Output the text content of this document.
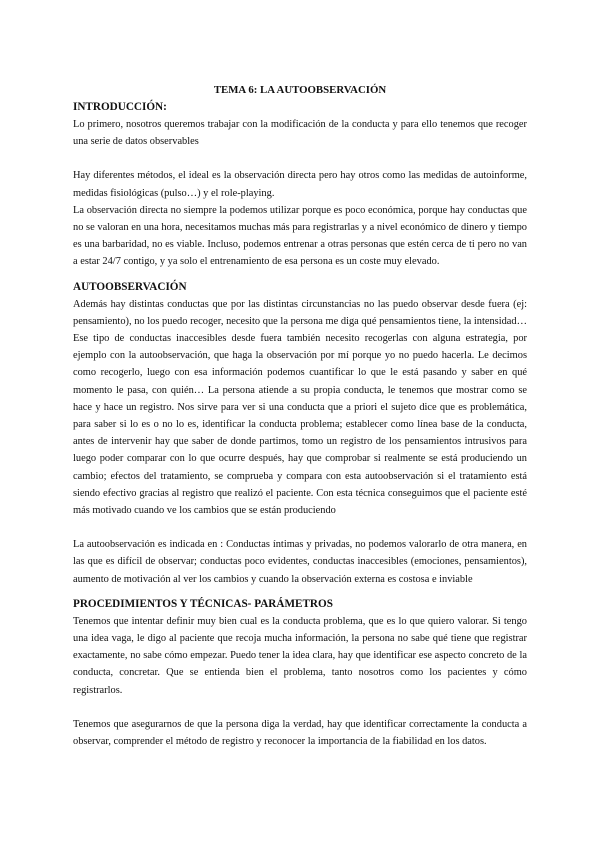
TEMA 6: LA AUTOOBSERVACIÓN
INTRODUCCIÓN:

Lo primero, nosotros queremos trabajar con la modificación de la conducta y para ello tenemos que recoger una serie de datos observables

Hay diferentes métodos, el ideal es la observación directa pero hay otros como las medidas de autoinforme, medidas fisiológicas (pulso…) y el role-playing.

La observación directa no siempre la podemos utilizar porque es poco económica, porque hay conductas que no se valoran en una hora, necesitamos muchas más para registrarlas y a nivel económico de dinero y tiempo es una barbaridad, no es viable. Incluso, podemos entrenar a otras personas que estén cerca de ti pero no van a estar 24/7 contigo, y ya solo el entrenamiento de esa persona es un coste muy elevado.

AUTOOBSERVACIÓN

Además hay distintas conductas que por las distintas circunstancias no las puedo observar desde fuera (ej: pensamiento), no los puedo recoger, necesito que la persona me diga qué pensamientos tiene, la intensidad… Ese tipo de conductas inaccesibles desde fuera también necesito recogerlas con alguna estrategia, por ejemplo con la autoobservación, que haga la observación por mí porque yo no puedo hacerla. Le decimos como recogerlo, luego con esa información podemos cuantificar lo que le está pasando y saber en qué momento le pasa, con quién… La persona atiende a su propia conducta, le tenemos que mostrar como se hace y hace un registro. Nos sirve para ver si una conducta que a priori el sujeto dice que es problemática, para saber si lo es o no lo es, identificar la conducta problema; establecer como línea base de la conducta, antes de intervenir hay que saber de donde partimos, tomo un registro de los pensamientos intrusivos para luego poder comparar con lo que ocurre después, hay que comprobar si realmente se está produciendo un cambio; efectos del tratamiento, se comprueba y compara con esta autoobservación si el tratamiento está siendo efectivo gracias al registro que realizó el paciente. Con esta técnica conseguimos que el paciente esté más motivado cuando ve los cambios que se están produciendo

La autoobservación es indicada en : Conductas íntimas y privadas, no podemos valorarlo de otra manera, en las que es difícil de observar; conductas poco evidentes, conductas inaccesibles (emociones, pensamientos), aumento de motivación al ver los cambios y cuando la observación externa es costosa e inviable

PROCEDIMIENTOS Y TÉCNICAS- PARÁMETROS

Tenemos que intentar definir muy bien cual es la conducta problema, que es lo que quiero valorar. Si tengo una idea vaga, le digo al paciente que recoja mucha información, la persona no sabe qué tiene que registrar exactamente, no sabe cómo empezar. Puedo tener la idea clara, hay que identificar ese aspecto concreto de la conducta, concretar. Que se entienda bien el problema, tanto nosotros como los pacientes y cómo registrarlos.

Tenemos que asegurarnos de que la persona diga la verdad, hay que identificar correctamente la conducta a observar, comprender el método de registro y reconocer la importancia de la fiabilidad en los datos.
